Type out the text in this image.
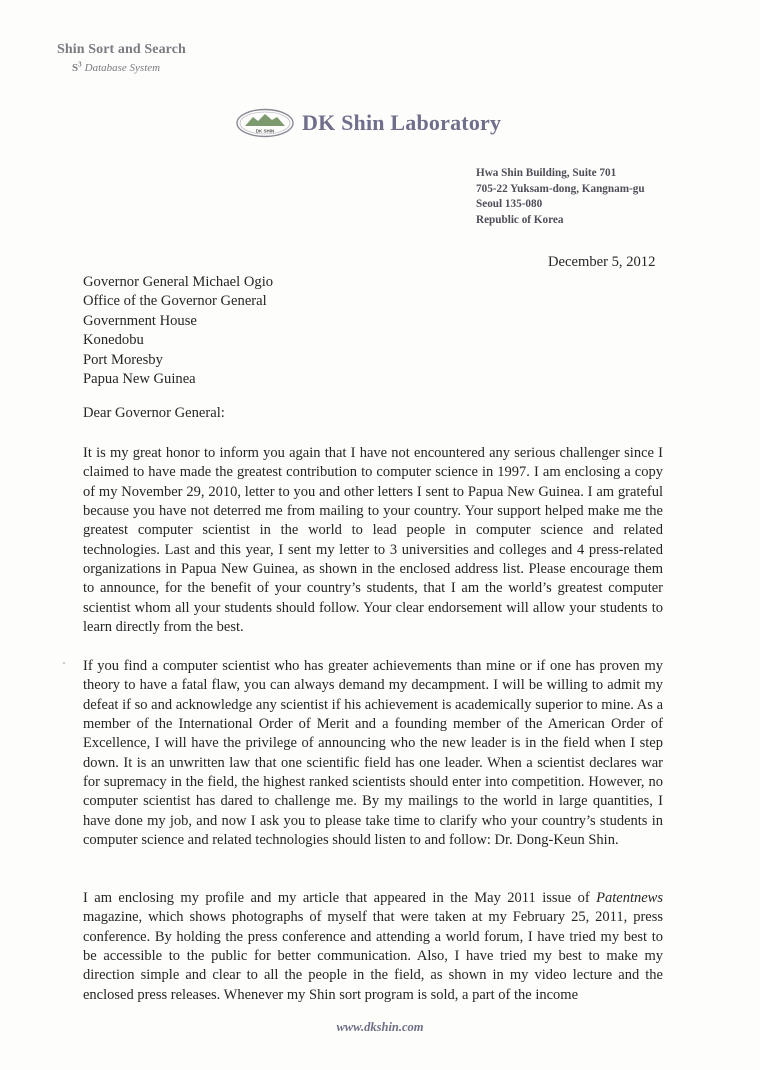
Shin Sort and Search
$S^3$ Database System
DK SHIN DK Shin Laboratory
Hwa Shin Building, Suite 701
705-22 Yuksam-dong, Kangnam-gu
Seoul 135-080
Republic of Korea
December 5, 2012
Governor General Michael Ogio
Office of the Governor General
Government House
Konedobu
Port Moresby
Papua New Guinea
Dear Governor General:

It is my great honor to inform you again that I have not encountered any serious challenger since I claimed to have made the greatest contribution to computer science in 1997. I am enclosing a copy of my November 29, 2010, letter to you and other letters I sent to Papua New Guinea. I am grateful because you have not deterred me from mailing to your country. Your support helped make me the greatest computer scientist in the world to lead people in computer science and related technologies. Last and this year, I sent my letter to 3 universities and colleges and 4 press-related organizations in Papua New Guinea, as shown in the enclosed address list. Please encourage them to announce, for the benefit of your country’s students, that I am the world’s greatest computer scientist whom all your students should follow. Your clear endorsement will allow your students to learn directly from the best.

If you find a computer scientist who has greater achievements than mine or if one has proven my theory to have a fatal flaw, you can always demand my decampment. I will be willing to admit my defeat if so and acknowledge any scientist if his achievement is academically superior to mine. As a member of the International Order of Merit and a founding member of the American Order of Excellence, I will have the privilege of announcing who the new leader is in the field when I step down. It is an unwritten law that one scientific field has one leader. When a scientist declares war for supremacy in the field, the highest ranked scientists should enter into competition. However, no computer scientist has dared to challenge me. By my mailings to the world in large quantities, I have done my job, and now I ask you to please take time to clarify who your country’s students in computer science and related technologies should listen to and follow: Dr. Dong-Keun Shin.

I am enclosing my profile and my article that appeared in the May 2011 issue of Patentnews magazine, which shows photographs of myself that were taken at my February 25, 2011, press conference. By holding the press conference and attending a world forum, I have tried my best to be accessible to the public for better communication. Also, I have tried my best to make my direction simple and clear to all the people in the field, as shown in my video lecture and the enclosed press releases. Whenever my Shin sort program is sold, a part of the income

www.dkshin.com
